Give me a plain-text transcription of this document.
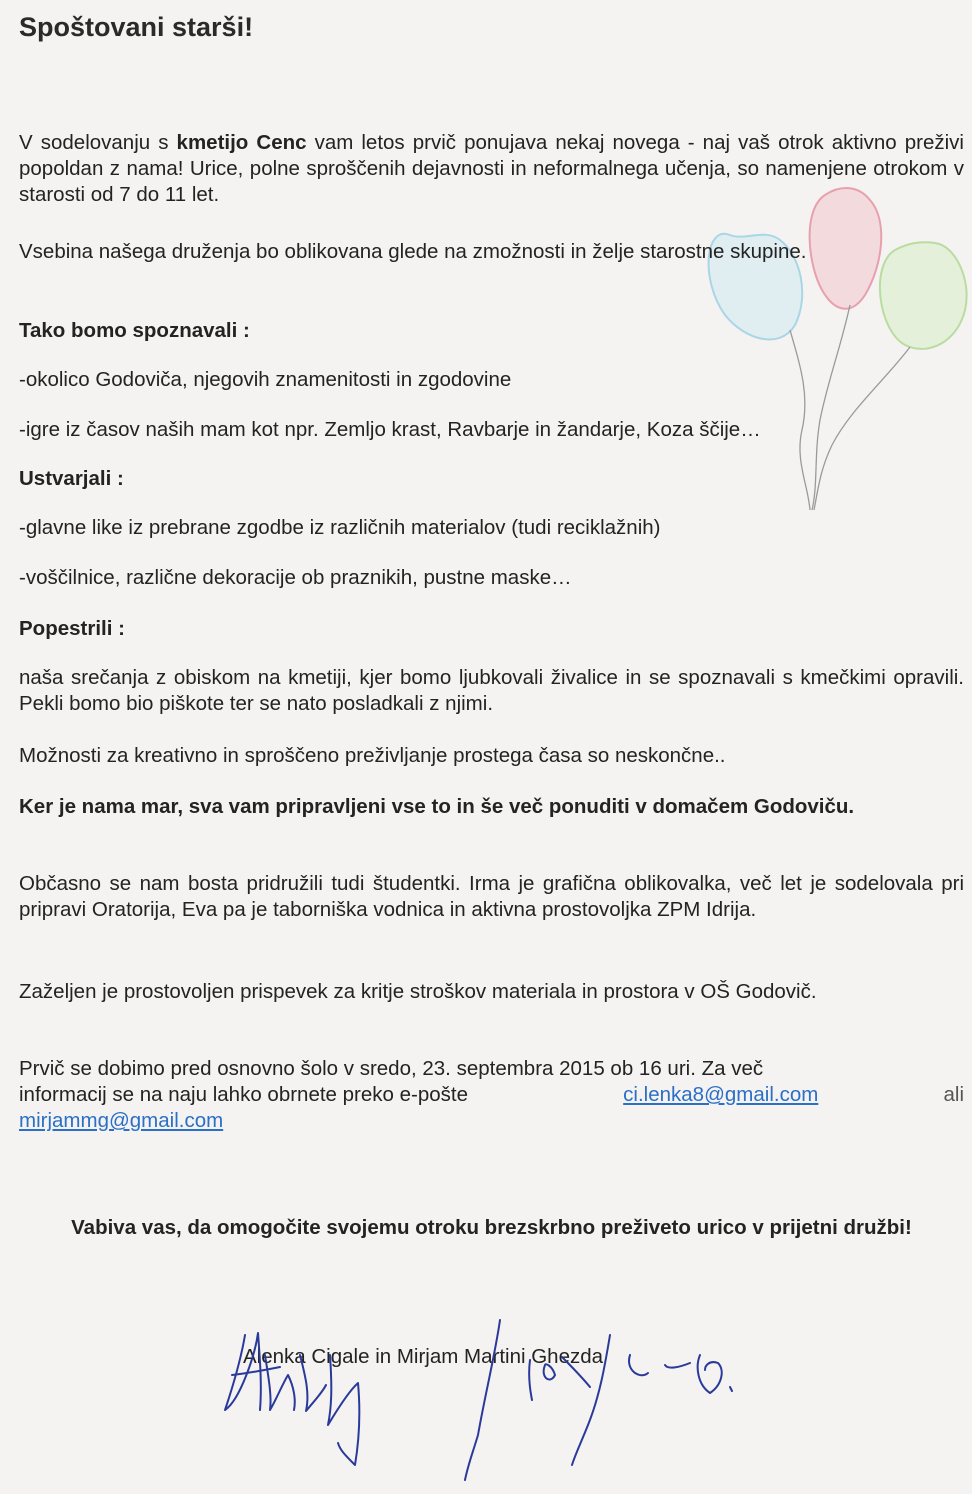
Spoštovani starši!

V sodelovanju s kmetijo Cenc vam letos prvič ponujava nekaj novega - naj vaš otrok aktivno preživi popoldan z nama! Urice, polne sproščenih dejavnosti in neformalnega učenja, so namenjene otrokom v starosti od 7 do 11 let.

Vsebina našega druženja bo oblikovana glede na zmožnosti in želje starostne skupine.

Tako bomo spoznavali :

-okolico Godoviča, njegovih znamenitosti in zgodovine

-igre iz časov naših mam kot npr. Zemljo krast, Ravbarje in žandarje, Koza ščije…

Ustvarjali :

-glavne like iz prebrane zgodbe iz različnih materialov (tudi reciklažnih)

-voščilnice, različne dekoracije ob praznikih, pustne maske…

Popestrili :

naša srečanja z obiskom na kmetiji, kjer bomo ljubkovali živalice in se spoznavali s kmečkimi opravili. Pekli bomo bio piškote ter se nato posladkali z njimi.

Možnosti za kreativno in sproščeno preživljanje prostega časa so neskončne..

Ker je nama mar, sva vam pripravljeni vse to in še več ponuditi v domačem Godoviču.

Občasno se nam bosta pridružili tudi študentki. Irma je grafična oblikovalka, več let je sodelovala pri pripravi Oratorija, Eva pa je taborniška vodnica in aktivna prostovoljka ZPM Idrija.

Zaželjen je prostovoljen prispevek za kritje stroškov materiala in prostora v OŠ Godovič.

Prvič se dobimo pred osnovno šolo v sredo, 23. septembra 2015 ob 16 uri. Za več
informacij se na naju lahko obrnete preko e-pošte	ci.lenka8@gmail.com	ali
mirjammg@gmail.com

Vabiva vas, da omogočite svojemu otroku brezskrbno preživeto urico v prijetni družbi!

Alenka Cigale in Mirjam Martini Ghezda
